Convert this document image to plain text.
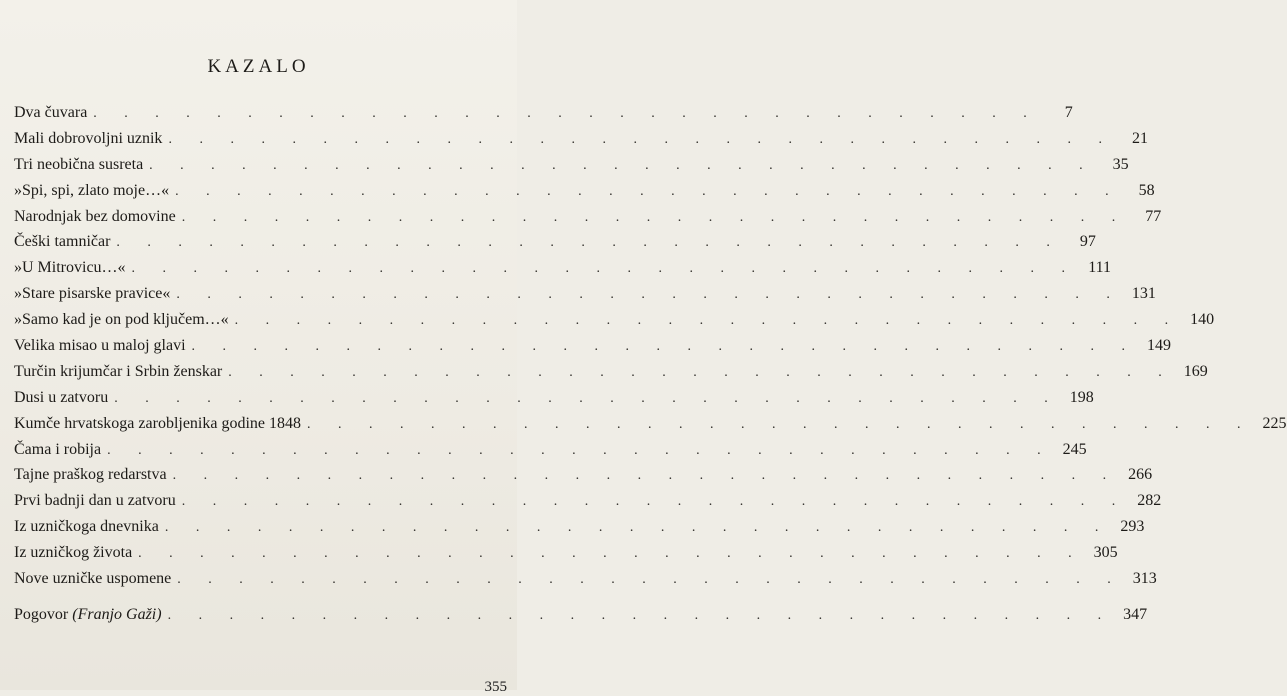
KAZALO
Dva čuvara . . . . . . . . . . . . . . . . . . . . . . . . . . . . . . .	7
Mali dobrovoljni uznik . . . . . . . . . . . . . . . . . . . . . . . . . . . . . . .	21
Tri neobična susreta . . . . . . . . . . . . . . . . . . . . . . . . . . . . . . .	35
»Spi, spi, zlato moje…« . . . . . . . . . . . . . . . . . . . . . . . . . . . . . . .	58
Narodnjak bez domovine . . . . . . . . . . . . . . . . . . . . . . . . . . . . . . .	77
Češki tamničar . . . . . . . . . . . . . . . . . . . . . . . . . . . . . . .	97
»U Mitrovicu…« . . . . . . . . . . . . . . . . . . . . . . . . . . . . . . . 111
»Stare pisarske pravice« . . . . . . . . . . . . . . . . . . . . . . . . . . . . . . . 131
»Samo kad je on pod ključem…« . . . . . . . . . . . . . . . . . . . . . . . . . . . . . . . 140
Velika misao u maloj glavi . . . . . . . . . . . . . . . . . . . . . . . . . . . . . . . 149
Turčin krijumčar i Srbin ženskar . . . . . . . . . . . . . . . . . . . . . . . . . . . . . . . 169
Dusi u zatvoru . . . . . . . . . . . . . . . . . . . . . . . . . . . . . . . 198
Kumče hrvatskoga zarobljenika godine 1848 . . . . . . . . . . . . . . . . . . . . . . . . . . . . . . . 225
Čama i robija . . . . . . . . . . . . . . . . . . . . . . . . . . . . . . . 245
Tajne praškog redarstva . . . . . . . . . . . . . . . . . . . . . . . . . . . . . . . 266
Prvi badnji dan u zatvoru . . . . . . . . . . . . . . . . . . . . . . . . . . . . . . . 282
Iz uzničkoga dnevnika . . . . . . . . . . . . . . . . . . . . . . . . . . . . . . . 293
Iz uzničkog života . . . . . . . . . . . . . . . . . . . . . . . . . . . . . . . 305
Nove uzničke uspomene . . . . . . . . . . . . . . . . . . . . . . . . . . . . . . . 313
Pogovor (Franjo Gaži) . . . . . . . . . . . . . . . . . . . . . . . . . . . . . . . 347
355
